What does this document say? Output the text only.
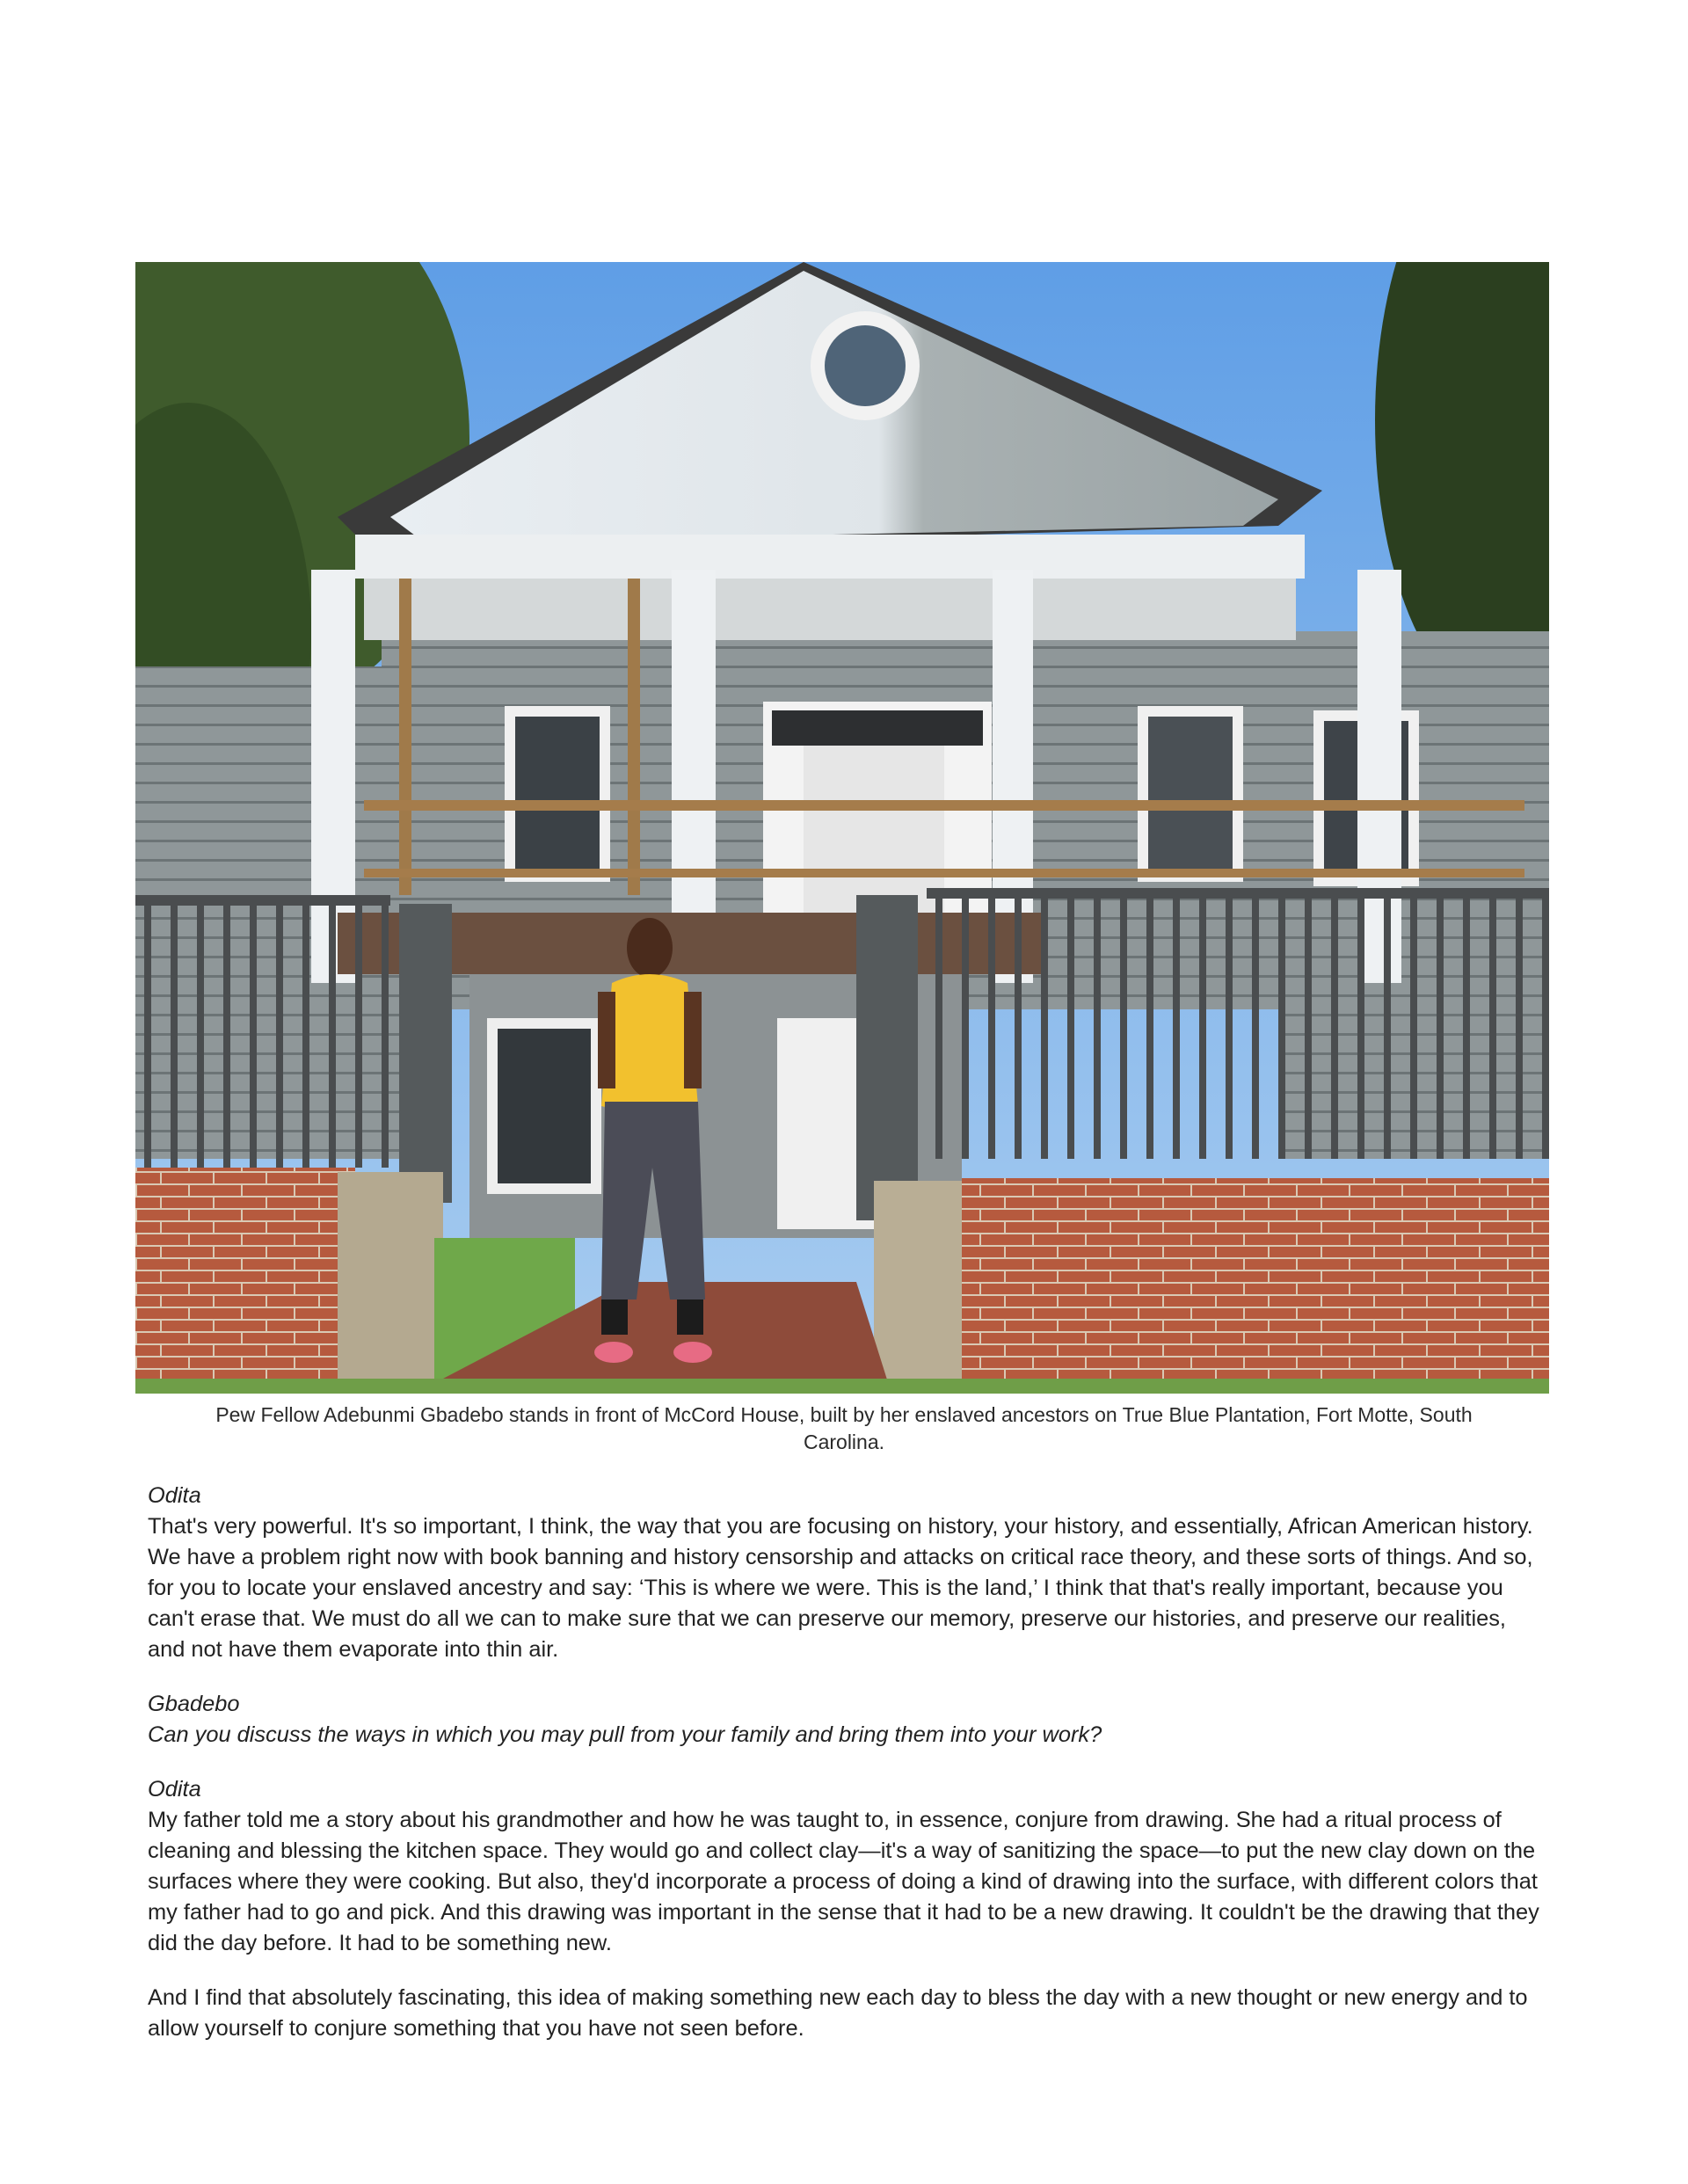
Pew Fellow Adebunmi Gbadebo stands in front of McCord House, built by her enslaved ancestors on True Blue Plantation, Fort Motte, South Carolina.

Odita

That's very powerful. It's so important, I think, the way that you are focusing on history, your history, and essentially, African American history. We have a problem right now with book banning and history censorship and attacks on critical race theory, and these sorts of things. And so, for you to locate your enslaved ancestry and say: ‘This is where we were. This is the land,’ I think that that's really important, because you can't erase that. We must do all we can to make sure that we can preserve our memory, preserve our histories, and preserve our realities, and not have them evaporate into thin air.

Gbadebo

Can you discuss the ways in which you may pull from your family and bring them into your work?

Odita

My father told me a story about his grandmother and how he was taught to, in essence, conjure from drawing. She had a ritual process of cleaning and blessing the kitchen space. They would go and collect clay—it's a way of sanitizing the space—to put the new clay down on the surfaces where they were cooking. But also, they'd incorporate a process of doing a kind of drawing into the surface, with different colors that my father had to go and pick. And this drawing was important in the sense that it had to be a new drawing. It couldn't be the drawing that they did the day before. It had to be something new.

And I find that absolutely fascinating, this idea of making something new each day to bless the day with a new thought or new energy and to allow yourself to conjure something that you have not seen before.
